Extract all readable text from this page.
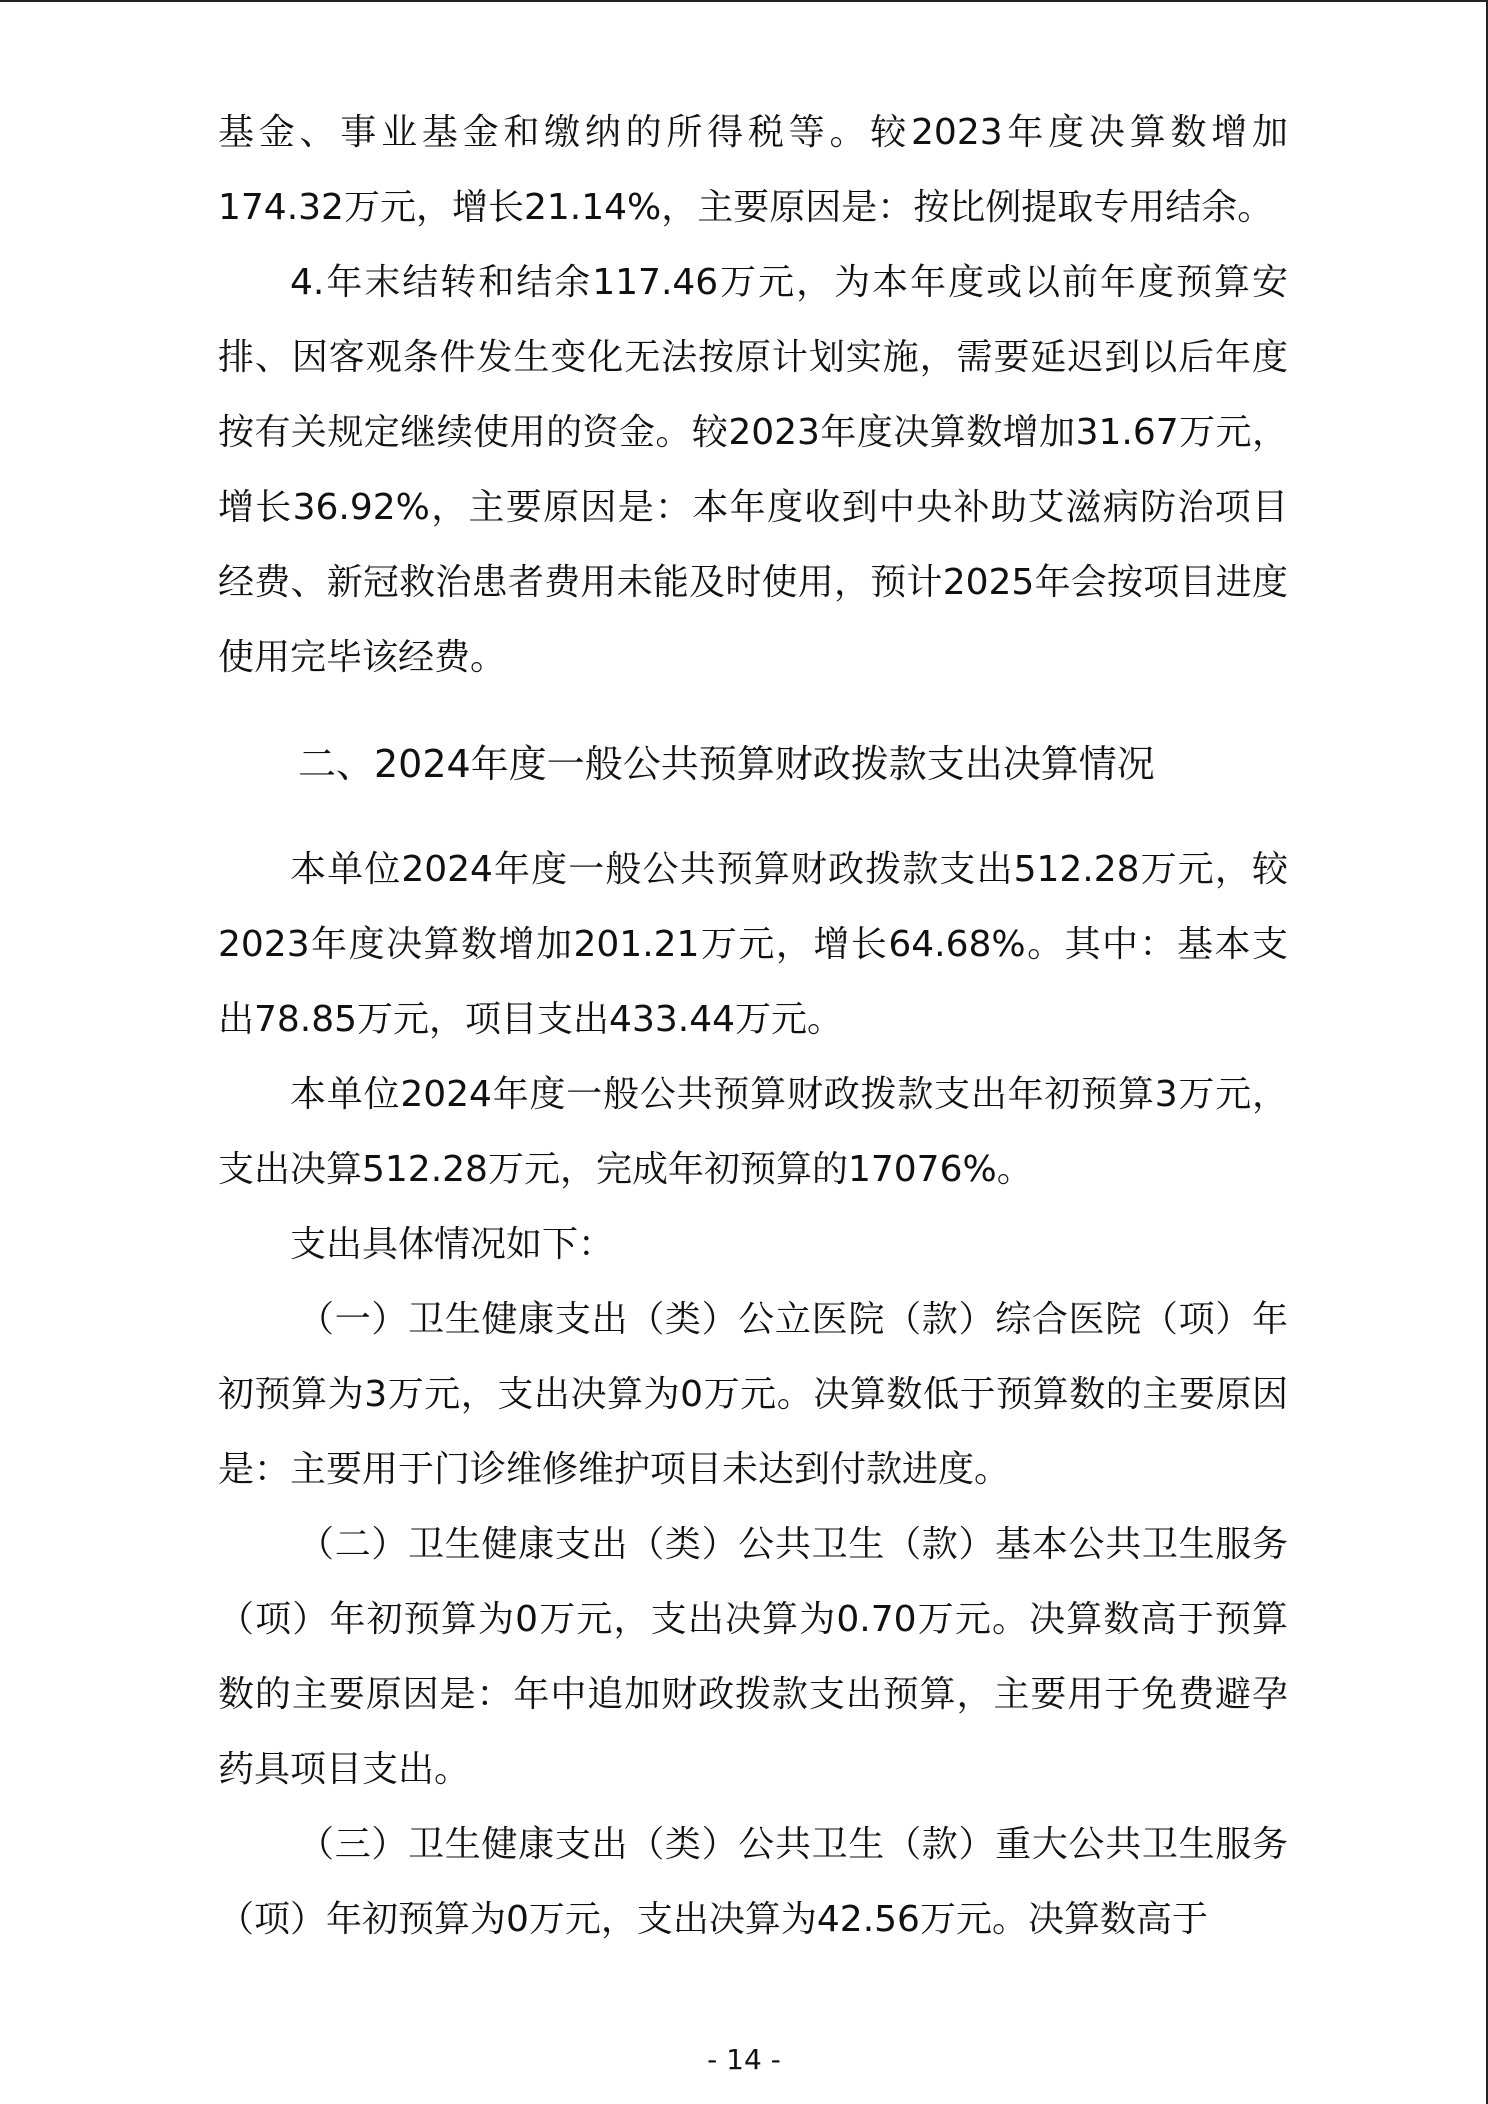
基金、事业基金和缴纳的所得税等。较2023年度决算数增加174.32万元，增长21.14%，主要原因是：按比例提取专用结余。

4.年末结转和结余117.46万元，为本年度或以前年度预算安排、因客观条件发生变化无法按原计划实施，需要延迟到以后年度按有关规定继续使用的资金。较2023年度决算数增加31.67万元，增长36.92%，主要原因是：本年度收到中央补助艾滋病防治项目经费、新冠救治患者费用未能及时使用，预计2025年会按项目进度使用完毕该经费。

二、2024年度一般公共预算财政拨款支出决算情况

本单位2024年度一般公共预算财政拨款支出512.28万元，较2023年度决算数增加201.21万元，增长64.68%。其中：基本支出78.85万元，项目支出433.44万元。

本单位2024年度一般公共预算财政拨款支出年初预算3万元，支出决算512.28万元，完成年初预算的17076%。

支出具体情况如下：

（一）卫生健康支出（类）公立医院（款）综合医院（项）年初预算为3万元，支出决算为0万元。决算数低于预算数的主要原因是：主要用于门诊维修维护项目未达到付款进度。

（二）卫生健康支出（类）公共卫生（款）基本公共卫生服务（项）年初预算为0万元，支出决算为0.70万元。决算数高于预算数的主要原因是：年中追加财政拨款支出预算，主要用于免费避孕药具项目支出。

（三）卫生健康支出（类）公共卫生（款）重大公共卫生服务（项）年初预算为0万元，支出决算为42.56万元。决算数高于

- 14 -
